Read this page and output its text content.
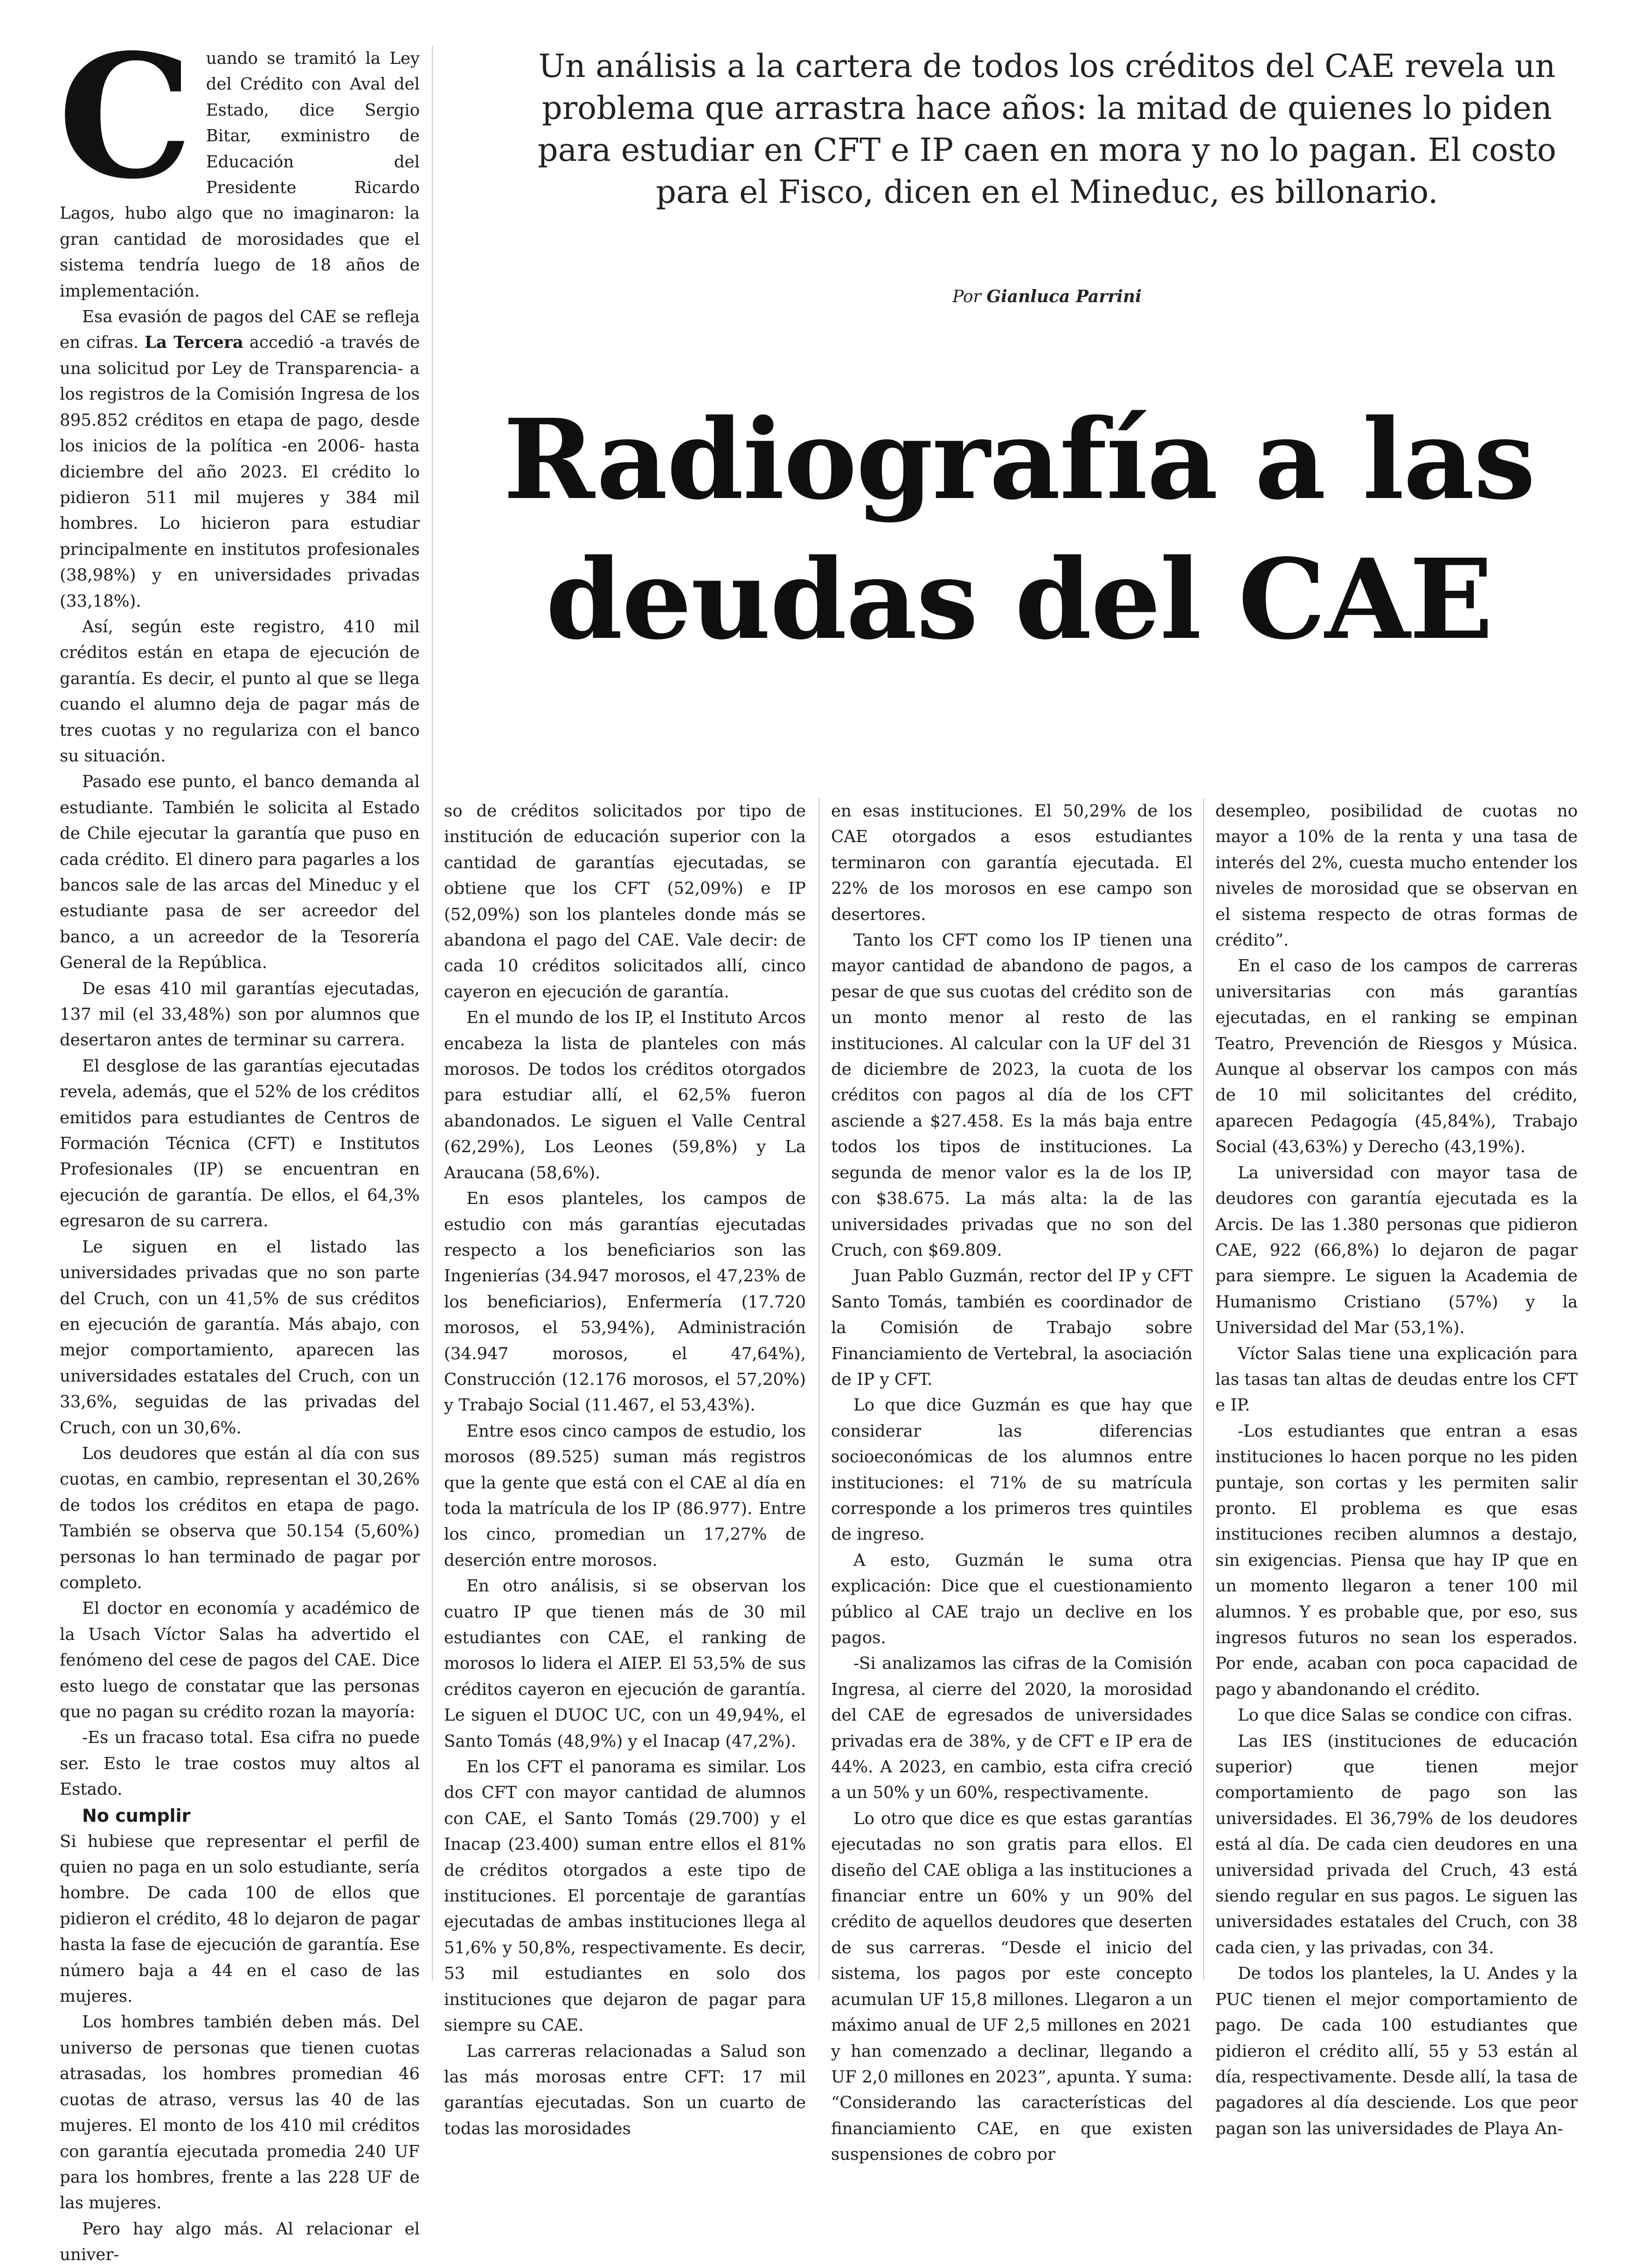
Un análisis a la cartera de todos los créditos del CAE revela un problema que arrastra hace años: la mitad de quienes lo piden para estudiar en CFT e IP caen en mora y no lo pagan. El costo para el Fisco, dicen en el Mineduc, es billonario.

Por Gianluca Parrini
Radiografía a las
deudas del CAE

Cuando se tramitó la Ley del Crédito con Aval del Estado, dice Sergio Bitar, exministro de Educación del Presidente Ricardo Lagos, hubo algo que no imaginaron: la gran cantidad de morosidades que el sistema tendría luego de 18 años de implementación.

Esa evasión de pagos del CAE se refleja en cifras. La Tercera accedió -a través de una solicitud por Ley de Transparencia- a los registros de la Comisión Ingresa de los 895.852 créditos en etapa de pago, desde los inicios de la política -en 2006- hasta diciembre del año 2023. El crédito lo pidieron 511 mil mujeres y 384 mil hombres. Lo hicieron para estudiar principalmente en institutos profesionales (38,98%) y en universidades privadas (33,18%).

Así, según este registro, 410 mil créditos están en etapa de ejecución de garantía. Es decir, el punto al que se llega cuando el alumno deja de pagar más de tres cuotas y no regulariza con el banco su situación.

Pasado ese punto, el banco demanda al estudiante. También le solicita al Estado de Chile ejecutar la garantía que puso en cada crédito. El dinero para pagarles a los bancos sale de las arcas del Mineduc y el estudiante pasa de ser acreedor del banco, a un acreedor de la Tesorería General de la República.

De esas 410 mil garantías ejecutadas, 137 mil (el 33,48%) son por alumnos que desertaron antes de terminar su carrera.

El desglose de las garantías ejecutadas revela, además, que el 52% de los créditos emitidos para estudiantes de Centros de Formación Técnica (CFT) e Institutos Profesionales (IP) se encuentran en ejecución de garantía. De ellos, el 64,3% egresaron de su carrera.

Le siguen en el listado las universidades privadas que no son parte del Cruch, con un 41,5% de sus créditos en ejecución de garantía. Más abajo, con mejor comportamiento, aparecen las universidades estatales del Cruch, con un 33,6%, seguidas de las privadas del Cruch, con un 30,6%.

Los deudores que están al día con sus cuotas, en cambio, representan el 30,26% de todos los créditos en etapa de pago. También se observa que 50.154 (5,60%) personas lo han terminado de pagar por completo.

El doctor en economía y académico de la Usach Víctor Salas ha advertido el fenómeno del cese de pagos del CAE. Dice esto luego de constatar que las personas que no pagan su crédito rozan la mayoría:

-Es un fracaso total. Esa cifra no puede ser. Esto le trae costos muy altos al Estado.

No cumplir

Si hubiese que representar el perfil de quien no paga en un solo estudiante, sería hombre. De cada 100 de ellos que pidieron el crédito, 48 lo dejaron de pagar hasta la fase de ejecución de garantía. Ese número baja a 44 en el caso de las mujeres.

Los hombres también deben más. Del universo de personas que tienen cuotas atrasadas, los hombres promedian 46 cuotas de atraso, versus las 40 de las mujeres. El monto de los 410 mil créditos con garantía ejecutada promedia 240 UF para los hombres, frente a las 228 UF de las mujeres.

Pero hay algo más. Al relacionar el univer-

so de créditos solicitados por tipo de institución de educación superior con la cantidad de garantías ejecutadas, se obtiene que los CFT (52,09%) e IP (52,09%) son los planteles donde más se abandona el pago del CAE. Vale decir: de cada 10 créditos solicitados allí, cinco cayeron en ejecución de garantía.

En el mundo de los IP, el Instituto Arcos encabeza la lista de planteles con más morosos. De todos los créditos otorgados para estudiar allí, el 62,5% fueron abandonados. Le siguen el Valle Central (62,29%), Los Leones (59,8%) y La Araucana (58,6%).

En esos planteles, los campos de estudio con más garantías ejecutadas respecto a los beneficiarios son las Ingenierías (34.947 morosos, el 47,23% de los beneficiarios), Enfermería (17.720 morosos, el 53,94%), Administración (34.947 morosos, el 47,64%), Construcción (12.176 morosos, el 57,20%) y Trabajo Social (11.467, el 53,43%).

Entre esos cinco campos de estudio, los morosos (89.525) suman más registros que la gente que está con el CAE al día en toda la matrícula de los IP (86.977). Entre los cinco, promedian un 17,27% de deserción entre morosos.

En otro análisis, si se observan los cuatro IP que tienen más de 30 mil estudiantes con CAE, el ranking de morosos lo lidera el AIEP. El 53,5% de sus créditos cayeron en ejecución de garantía. Le siguen el DUOC UC, con un 49,94%, el Santo Tomás (48,9%) y el Inacap (47,2%).

En los CFT el panorama es similar. Los dos CFT con mayor cantidad de alumnos con CAE, el Santo Tomás (29.700) y el Inacap (23.400) suman entre ellos el 81% de créditos otorgados a este tipo de instituciones. El porcentaje de garantías ejecutadas de ambas instituciones llega al 51,6% y 50,8%, respectivamente. Es decir, 53 mil estudiantes en solo dos instituciones que dejaron de pagar para siempre su CAE.

Las carreras relacionadas a Salud son las más morosas entre CFT: 17 mil garantías ejecutadas. Son un cuarto de todas las morosidades

en esas instituciones. El 50,29% de los CAE otorgados a esos estudiantes terminaron con garantía ejecutada. El 22% de los morosos en ese campo son desertores.

Tanto los CFT como los IP tienen una mayor cantidad de abandono de pagos, a pesar de que sus cuotas del crédito son de un monto menor al resto de las instituciones. Al calcular con la UF del 31 de diciembre de 2023, la cuota de los créditos con pagos al día de los CFT asciende a $27.458. Es la más baja entre todos los tipos de instituciones. La segunda de menor valor es la de los IP, con $38.675. La más alta: la de las universidades privadas que no son del Cruch, con $69.809.

Juan Pablo Guzmán, rector del IP y CFT Santo Tomás, también es coordinador de la Comisión de Trabajo sobre Financiamiento de Vertebral, la asociación de IP y CFT.

Lo que dice Guzmán es que hay que considerar las diferencias socioeconómicas de los alumnos entre instituciones: el 71% de su matrícula corresponde a los primeros tres quintiles de ingreso.

A esto, Guzmán le suma otra explicación: Dice que el cuestionamiento público al CAE trajo un declive en los pagos.

-Si analizamos las cifras de la Comisión Ingresa, al cierre del 2020, la morosidad del CAE de egresados de universidades privadas era de 38%, y de CFT e IP era de 44%. A 2023, en cambio, esta cifra creció a un 50% y un 60%, respectivamente.

Lo otro que dice es que estas garantías ejecutadas no son gratis para ellos. El diseño del CAE obliga a las instituciones a financiar entre un 60% y un 90% del crédito de aquellos deudores que deserten de sus carreras. “Desde el inicio del sistema, los pagos por este concepto acumulan UF 15,8 millones. Llegaron a un máximo anual de UF 2,5 millones en 2021 y han comenzado a declinar, llegando a UF 2,0 millones en 2023”, apunta. Y suma: “Considerando las características del financiamiento CAE, en que existen suspensiones de cobro por

desempleo, posibilidad de cuotas no mayor a 10% de la renta y una tasa de interés del 2%, cuesta mucho entender los niveles de morosidad que se observan en el sistema respecto de otras formas de crédito”.

En el caso de los campos de carreras universitarias con más garantías ejecutadas, en el ranking se empinan Teatro, Prevención de Riesgos y Música. Aunque al observar los campos con más de 10 mil solicitantes del crédito, aparecen Pedagogía (45,84%), Trabajo Social (43,63%) y Derecho (43,19%).

La universidad con mayor tasa de deudores con garantía ejecutada es la Arcis. De las 1.380 personas que pidieron CAE, 922 (66,8%) lo dejaron de pagar para siempre. Le siguen la Academia de Humanismo Cristiano (57%) y la Universidad del Mar (53,1%).

Víctor Salas tiene una explicación para las tasas tan altas de deudas entre los CFT e IP.

-Los estudiantes que entran a esas instituciones lo hacen porque no les piden puntaje, son cortas y les permiten salir pronto. El problema es que esas instituciones reciben alumnos a destajo, sin exigencias. Piensa que hay IP que en un momento llegaron a tener 100 mil alumnos. Y es probable que, por eso, sus ingresos futuros no sean los esperados. Por ende, acaban con poca capacidad de pago y abandonando el crédito.

Lo que dice Salas se condice con cifras.

Las IES (instituciones de educación superior) que tienen mejor comportamiento de pago son las universidades. El 36,79% de los deudores está al día. De cada cien deudores en una universidad privada del Cruch, 43 está siendo regular en sus pagos. Le siguen las universidades estatales del Cruch, con 38 cada cien, y las privadas, con 34.

De todos los planteles, la U. Andes y la PUC tienen el mejor comportamiento de pago. De cada 100 estudiantes que pidieron el crédito allí, 55 y 53 están al día, respectivamente. Desde allí, la tasa de pagadores al día desciende. Los que peor pagan son las universidades de Playa An-
